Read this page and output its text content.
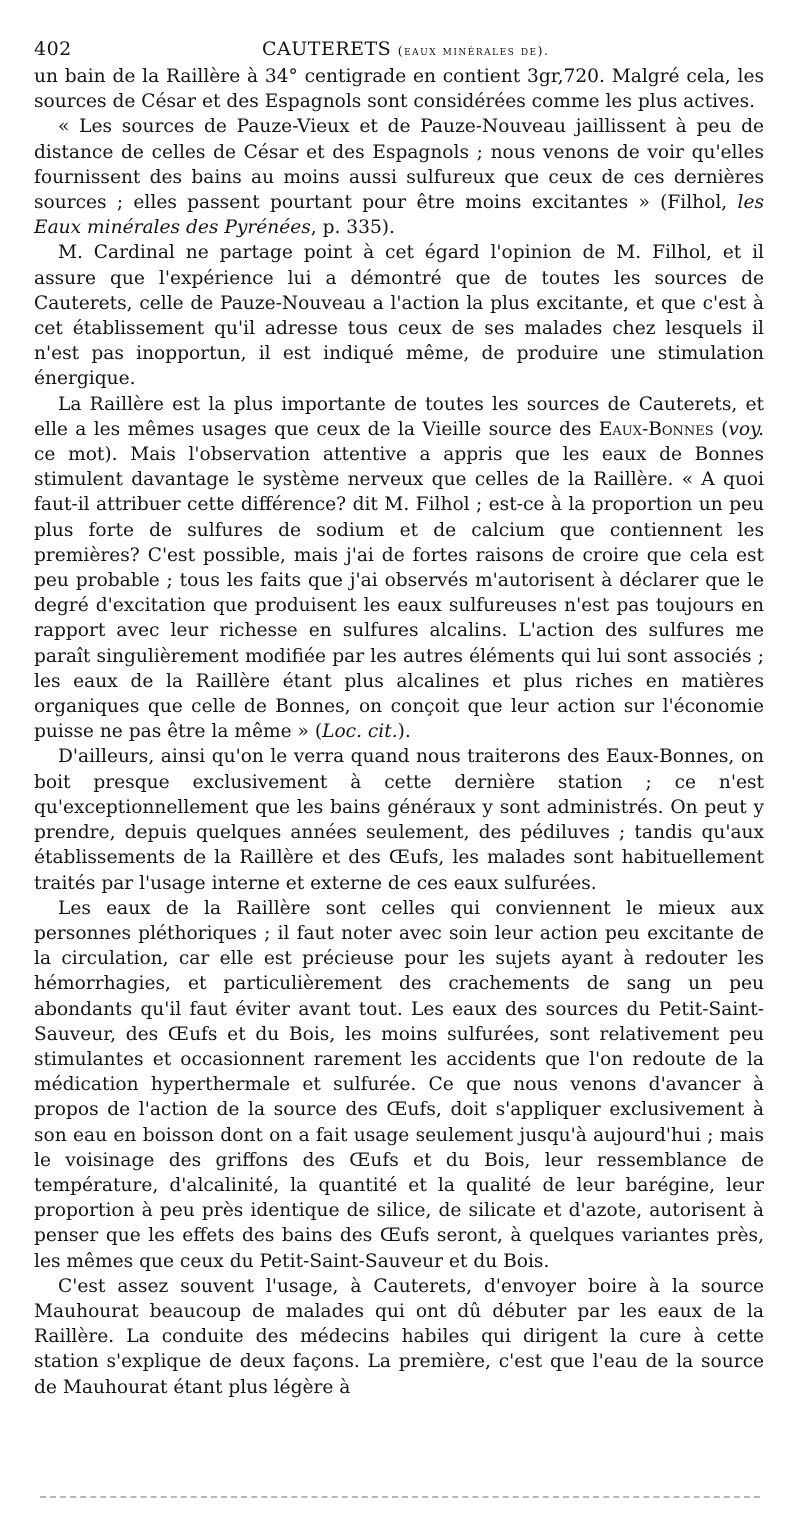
402	CAUTERETS (eaux minérales de).

un bain de la Raillère à 34° centigrade en contient 3gr,720. Malgré cela, les sources de César et des Espagnols sont considérées comme les plus actives.

« Les sources de Pauze-Vieux et de Pauze-Nouveau jaillissent à peu de distance de celles de César et des Espagnols ; nous venons de voir qu'elles fournissent des bains au moins aussi sulfureux que ceux de ces dernières sources ; elles passent pourtant pour être moins excitantes » (Filhol, les Eaux minérales des Pyrénées, p. 335).

M. Cardinal ne partage point à cet égard l'opinion de M. Filhol, et il assure que l'expérience lui a démontré que de toutes les sources de Cauterets, celle de Pauze-Nouveau a l'action la plus excitante, et que c'est à cet établissement qu'il adresse tous ceux de ses malades chez lesquels il n'est pas inopportun, il est indiqué même, de produire une stimulation énergique.

La Raillère est la plus importante de toutes les sources de Cauterets, et elle a les mêmes usages que ceux de la Vieille source des Eaux-Bonnes (voy. ce mot). Mais l'observation attentive a appris que les eaux de Bonnes stimulent davantage le système nerveux que celles de la Raillère. « A quoi faut-il attribuer cette différence? dit M. Filhol ; est-ce à la proportion un peu plus forte de sulfures de sodium et de calcium que contiennent les premières? C'est possible, mais j'ai de fortes raisons de croire que cela est peu probable ; tous les faits que j'ai observés m'autorisent à déclarer que le degré d'excitation que produisent les eaux sulfureuses n'est pas toujours en rapport avec leur richesse en sulfures alcalins. L'action des sulfures me paraît singulièrement modifiée par les autres éléments qui lui sont associés ; les eaux de la Raillère étant plus alcalines et plus riches en matières organiques que celle de Bonnes, on conçoit que leur action sur l'économie puisse ne pas être la même » (Loc. cit.).

D'ailleurs, ainsi qu'on le verra quand nous traiterons des Eaux-Bonnes, on boit presque exclusivement à cette dernière station ; ce n'est qu'exceptionnellement que les bains généraux y sont administrés. On peut y prendre, depuis quelques années seulement, des pédiluves ; tandis qu'aux établissements de la Raillère et des Œufs, les malades sont habituellement traités par l'usage interne et externe de ces eaux sulfurées.

Les eaux de la Raillère sont celles qui conviennent le mieux aux personnes pléthoriques ; il faut noter avec soin leur action peu excitante de la circulation, car elle est précieuse pour les sujets ayant à redouter les hémorrhagies, et particulièrement des crachements de sang un peu abondants qu'il faut éviter avant tout. Les eaux des sources du Petit-Saint-Sauveur, des Œufs et du Bois, les moins sulfurées, sont relativement peu stimulantes et occasionnent rarement les accidents que l'on redoute de la médication hyperthermale et sulfurée. Ce que nous venons d'avancer à propos de l'action de la source des Œufs, doit s'appliquer exclusivement à son eau en boisson dont on a fait usage seulement jusqu'à aujourd'hui ; mais le voisinage des griffons des Œufs et du Bois, leur ressemblance de température, d'alcalinité, la quantité et la qualité de leur barégine, leur proportion à peu près identique de silice, de silicate et d'azote, autorisent à penser que les effets des bains des Œufs seront, à quelques variantes près, les mêmes que ceux du Petit-Saint-Sauveur et du Bois.

C'est assez souvent l'usage, à Cauterets, d'envoyer boire à la source Mauhourat beaucoup de malades qui ont dû débuter par les eaux de la Raillère. La conduite des médecins habiles qui dirigent la cure à cette station s'explique de deux façons. La première, c'est que l'eau de la source de Mauhourat étant plus légère à
